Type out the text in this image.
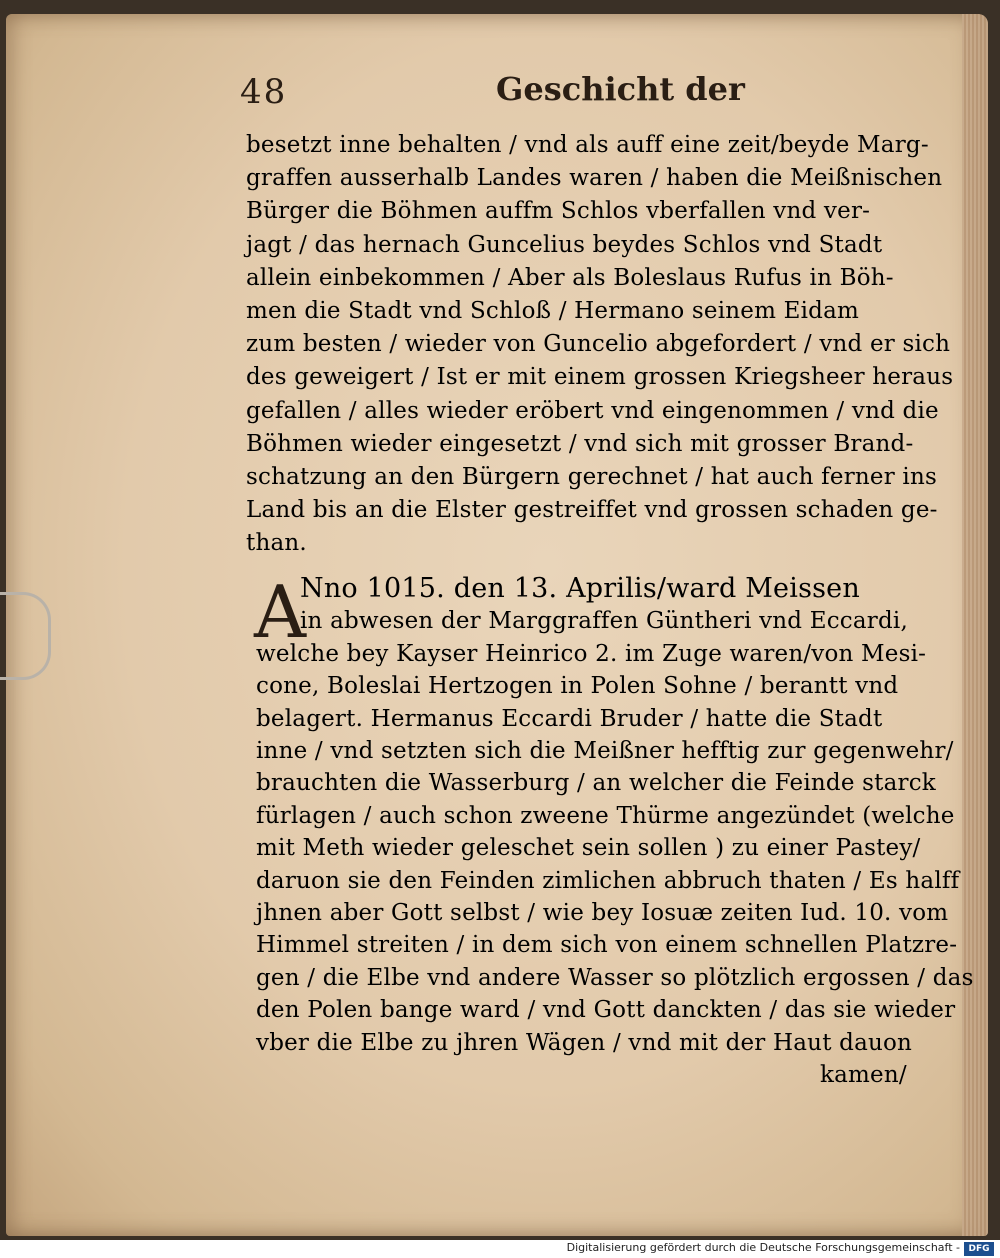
48	Geschicht der
besetzt inne behalten / vnd als auff eine zeit/beyde Marg-
graffen ausserhalb Landes waren / haben die Meißnischen
Bürger die Böhmen auffm Schlos vberfallen vnd ver-
jagt / das hernach Guncelius beydes Schlos vnd Stadt
allein einbekommen / Aber als Boleslaus Rufus in Böh-
men die Stadt vnd Schloß / Hermano seinem Eidam
zum besten / wieder von Guncelio abgefordert / vnd er sich
des geweigert / Ist er mit einem grossen Kriegsheer heraus
gefallen / alles wieder eröbert vnd eingenommen / vnd die
Böhmen wieder eingesetzt / vnd sich mit grosser Brand-
schatzung an den Bürgern gerechnet / hat auch ferner ins
Land bis an die Elster gestreiffet vnd grossen schaden ge-
than.
A
Nno 1015. den 13. Aprilis/ward Meissen
in abwesen der Marggraffen Güntheri vnd Eccardi,
welche bey Kayser Heinrico 2. im Zuge waren/von Mesi-
cone, Boleslai Hertzogen in Polen Sohne / berantt vnd
belagert. Hermanus Eccardi Bruder / hatte die Stadt
inne / vnd setzten sich die Meißner hefftig zur gegenwehr/
brauchten die Wasserburg / an welcher die Feinde starck
fürlagen / auch schon zweene Thürme angezündet (welche
mit Meth wieder geleschet sein sollen ) zu einer Pastey/
daruon sie den Feinden zimlichen abbruch thaten / Es halff
jhnen aber Gott selbst / wie bey Iosuæ zeiten Iud. 10. vom
Himmel streiten / in dem sich von einem schnellen Platzre-
gen / die Elbe vnd andere Wasser so plötzlich ergossen / das
den Polen bange ward / vnd Gott danckten / das sie wieder
vber die Elbe zu jhren Wägen / vnd mit der Haut dauon
kamen/
Digitalisierung gefördert durch die Deutsche Forschungsgemeinschaft - DFG
